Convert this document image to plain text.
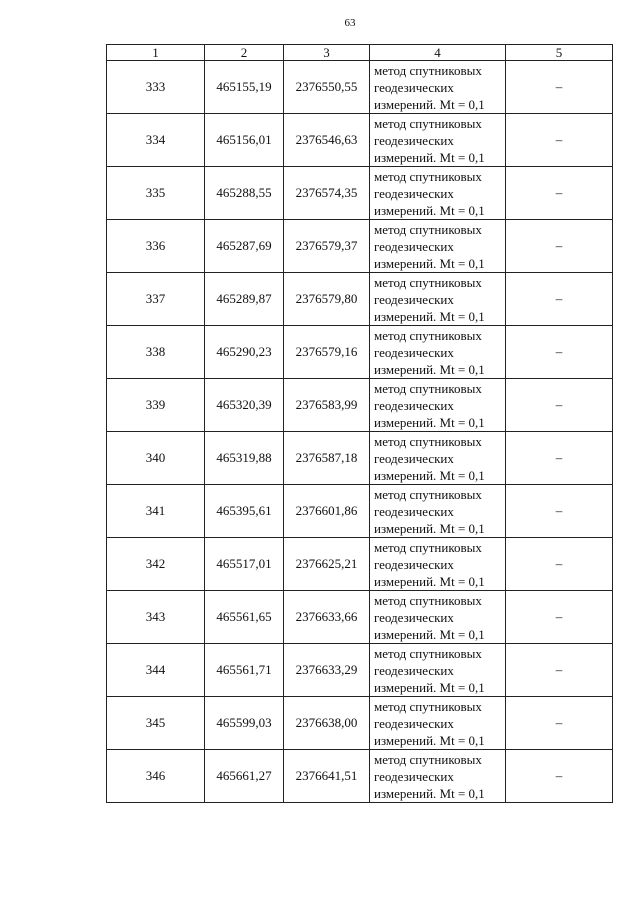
63
1	2	3	4	5
333	465155,19	2376550,55	метод спутниковых
геодезических
измерений. Mt = 0,1	–
334	465156,01	2376546,63	метод спутниковых
геодезических
измерений. Mt = 0,1	–
335	465288,55	2376574,35	метод спутниковых
геодезических
измерений. Mt = 0,1	–
336	465287,69	2376579,37	метод спутниковых
геодезических
измерений. Mt = 0,1	–
337	465289,87	2376579,80	метод спутниковых
геодезических
измерений. Mt = 0,1	–
338	465290,23	2376579,16	метод спутниковых
геодезических
измерений. Mt = 0,1	–
339	465320,39	2376583,99	метод спутниковых
геодезических
измерений. Mt = 0,1	–
340	465319,88	2376587,18	метод спутниковых
геодезических
измерений. Mt = 0,1	–
341	465395,61	2376601,86	метод спутниковых
геодезических
измерений. Mt = 0,1	–
342	465517,01	2376625,21	метод спутниковых
геодезических
измерений. Mt = 0,1	–
343	465561,65	2376633,66	метод спутниковых
геодезических
измерений. Mt = 0,1	–
344	465561,71	2376633,29	метод спутниковых
геодезических
измерений. Mt = 0,1	–
345	465599,03	2376638,00	метод спутниковых
геодезических
измерений. Mt = 0,1	–
346	465661,27	2376641,51	метод спутниковых
геодезических
измерений. Mt = 0,1	–
